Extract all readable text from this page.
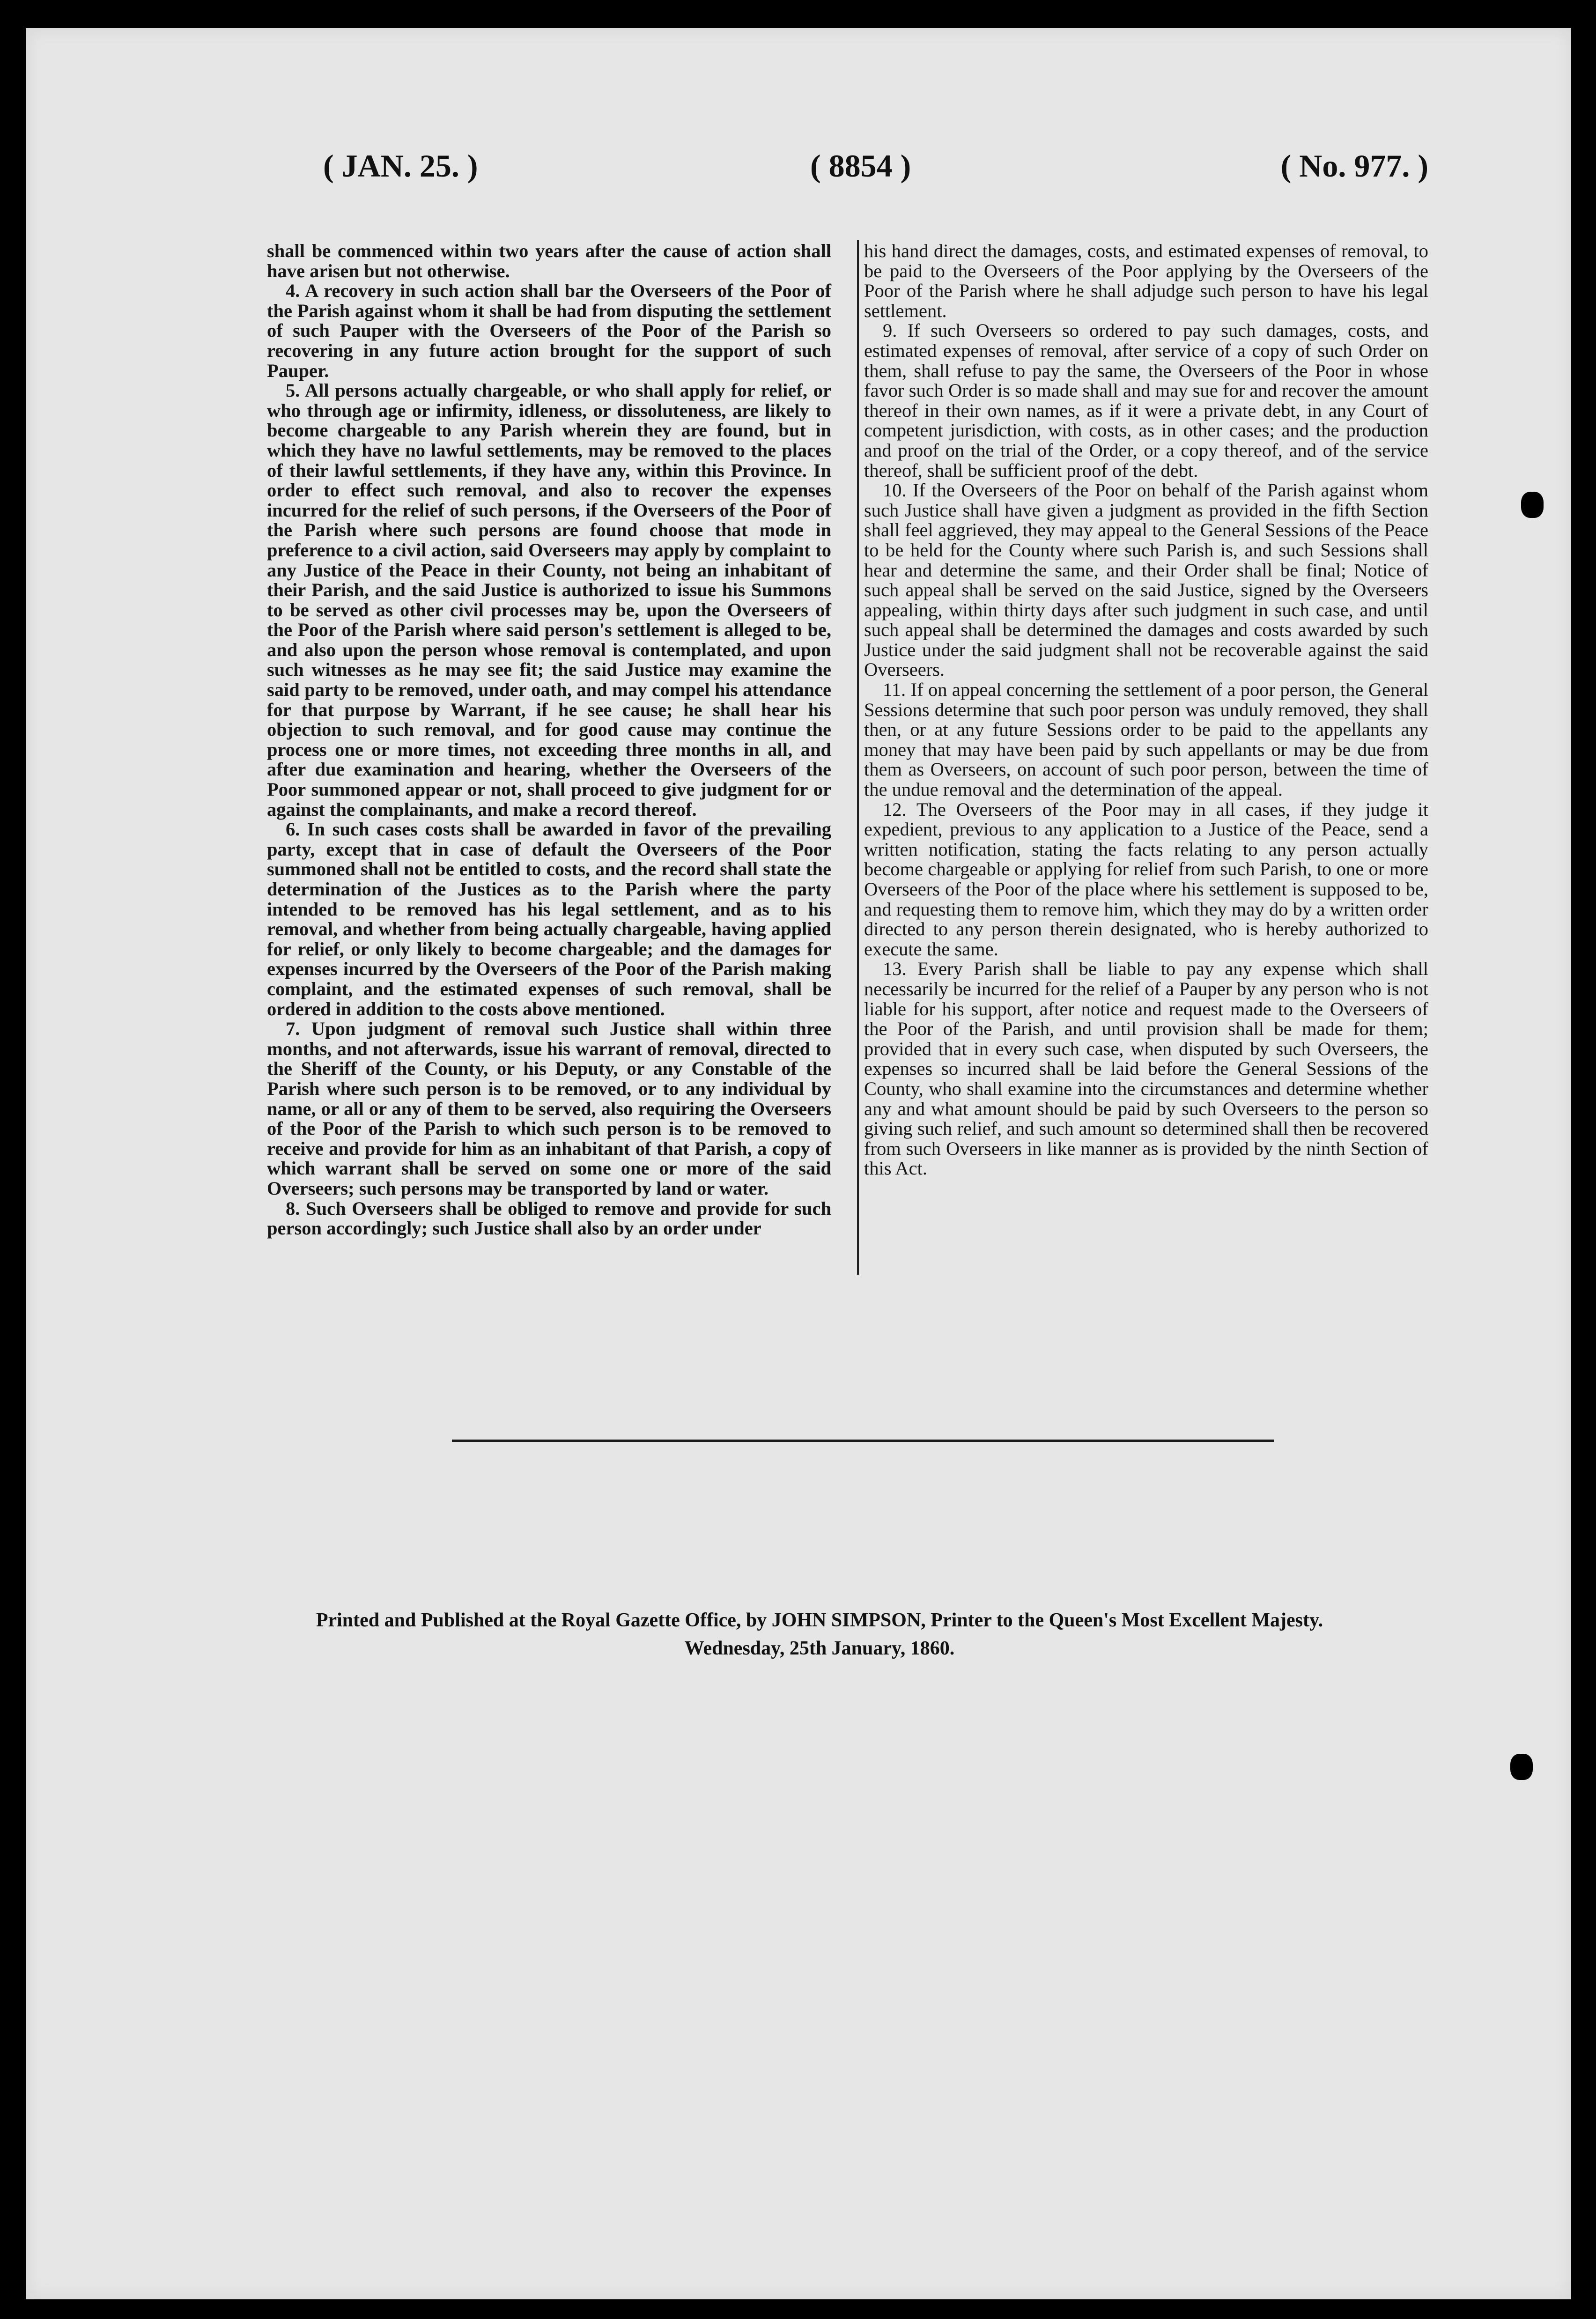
( JAN. 25. )	( 8854 )	( No. 977. )

shall be commenced within two years after the cause of action shall have arisen but not otherwise.

4. A recovery in such action shall bar the Overseers of the Poor of the Parish against whom it shall be had from disputing the settlement of such Pauper with the Overseers of the Poor of the Parish so recovering in any future action brought for the support of such Pauper.

5. All persons actually chargeable, or who shall apply for relief, or who through age or infirmity, idleness, or dissoluteness, are likely to become chargeable to any Parish wherein they are found, but in which they have no lawful settlements, may be removed to the places of their lawful settlements, if they have any, within this Province. In order to effect such removal, and also to recover the expenses incurred for the relief of such persons, if the Overseers of the Poor of the Parish where such persons are found choose that mode in preference to a civil action, said Overseers may apply by complaint to any Justice of the Peace in their County, not being an inhabitant of their Parish, and the said Justice is authorized to issue his Summons to be served as other civil processes may be, upon the Overseers of the Poor of the Parish where said person's settlement is alleged to be, and also upon the person whose removal is contemplated, and upon such witnesses as he may see fit; the said Justice may examine the said party to be removed, under oath, and may compel his attendance for that purpose by Warrant, if he see cause; he shall hear his objection to such removal, and for good cause may continue the process one or more times, not exceeding three months in all, and after due examination and hearing, whether the Overseers of the Poor summoned appear or not, shall proceed to give judgment for or against the complainants, and make a record thereof.

6. In such cases costs shall be awarded in favor of the prevailing party, except that in case of default the Overseers of the Poor summoned shall not be entitled to costs, and the record shall state the determination of the Justices as to the Parish where the party intended to be removed has his legal settlement, and as to his removal, and whether from being actually chargeable, having applied for relief, or only likely to become chargeable; and the damages for expenses incurred by the Overseers of the Poor of the Parish making complaint, and the estimated expenses of such removal, shall be ordered in addition to the costs above mentioned.

7. Upon judgment of removal such Justice shall within three months, and not afterwards, issue his warrant of removal, directed to the Sheriff of the County, or his Deputy, or any Constable of the Parish where such person is to be removed, or to any individual by name, or all or any of them to be served, also requiring the Overseers of the Poor of the Parish to which such person is to be removed to receive and provide for him as an inhabitant of that Parish, a copy of which warrant shall be served on some one or more of the said Overseers; such persons may be transported by land or water.

8. Such Overseers shall be obliged to remove and provide for such person accordingly; such Justice shall also by an order under

his hand direct the damages, costs, and estimated expenses of removal, to be paid to the Overseers of the Poor applying by the Overseers of the Poor of the Parish where he shall adjudge such person to have his legal settlement.

9. If such Overseers so ordered to pay such damages, costs, and estimated expenses of removal, after service of a copy of such Order on them, shall refuse to pay the same, the Overseers of the Poor in whose favor such Order is so made shall and may sue for and recover the amount thereof in their own names, as if it were a private debt, in any Court of competent jurisdiction, with costs, as in other cases; and the production and proof on the trial of the Order, or a copy thereof, and of the service thereof, shall be sufficient proof of the debt.

10. If the Overseers of the Poor on behalf of the Parish against whom such Justice shall have given a judgment as provided in the fifth Section shall feel aggrieved, they may appeal to the General Sessions of the Peace to be held for the County where such Parish is, and such Sessions shall hear and determine the same, and their Order shall be final; Notice of such appeal shall be served on the said Justice, signed by the Overseers appealing, within thirty days after such judgment in such case, and until such appeal shall be determined the damages and costs awarded by such Justice under the said judgment shall not be recoverable against the said Overseers.

11. If on appeal concerning the settlement of a poor person, the General Sessions determine that such poor person was unduly removed, they shall then, or at any future Sessions order to be paid to the appellants any money that may have been paid by such appellants or may be due from them as Overseers, on account of such poor person, between the time of the undue removal and the determination of the appeal.

12. The Overseers of the Poor may in all cases, if they judge it expedient, previous to any application to a Justice of the Peace, send a written notification, stating the facts relating to any person actually become chargeable or applying for relief from such Parish, to one or more Overseers of the Poor of the place where his settlement is supposed to be, and requesting them to remove him, which they may do by a written order directed to any person therein designated, who is hereby authorized to execute the same.

13. Every Parish shall be liable to pay any expense which shall necessarily be incurred for the relief of a Pauper by any person who is not liable for his support, after notice and request made to the Overseers of the Poor of the Parish, and until provision shall be made for them; provided that in every such case, when disputed by such Overseers, the expenses so incurred shall be laid before the General Sessions of the County, who shall examine into the circumstances and determine whether any and what amount should be paid by such Overseers to the person so giving such relief, and such amount so determined shall then be recovered from such Overseers in like manner as is provided by the ninth Section of this Act.

Printed and Published at the Royal Gazette Office, by JOHN SIMPSON, Printer to the Queen's Most Excellent Majesty.
Wednesday, 25th January, 1860.
